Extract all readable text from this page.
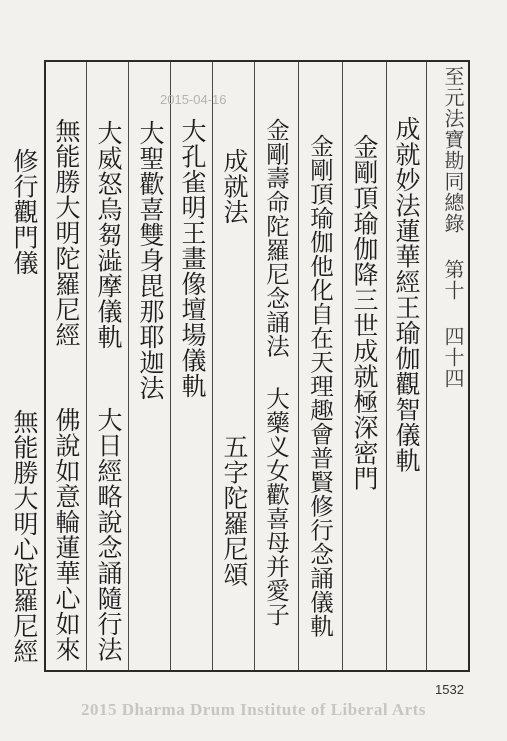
至元法寶勘同總錄 第十 四十四
成就妙法蓮華經王瑜伽觀智儀軌
金剛頂瑜伽降三世成就極深密門
金剛頂瑜伽他化自在天理趣會普賢修行念誦儀軌
金剛壽命陀羅尼念誦法 大藥义女歡喜母并愛子
成就法 五字陀羅尼頌
大孔雀明王畫像壇場儀軌
大聖歡喜雙身毘那耶迦法
大威怒烏芻澁摩儀軌 大日經略說念誦隨行法
無能勝大明陀羅尼經 佛說如意輪蓮華心如來
修行觀門儀 無能勝大明心陀羅尼經
2015-04-16
1532
2015 Dharma Drum Institute of Liberal Arts
